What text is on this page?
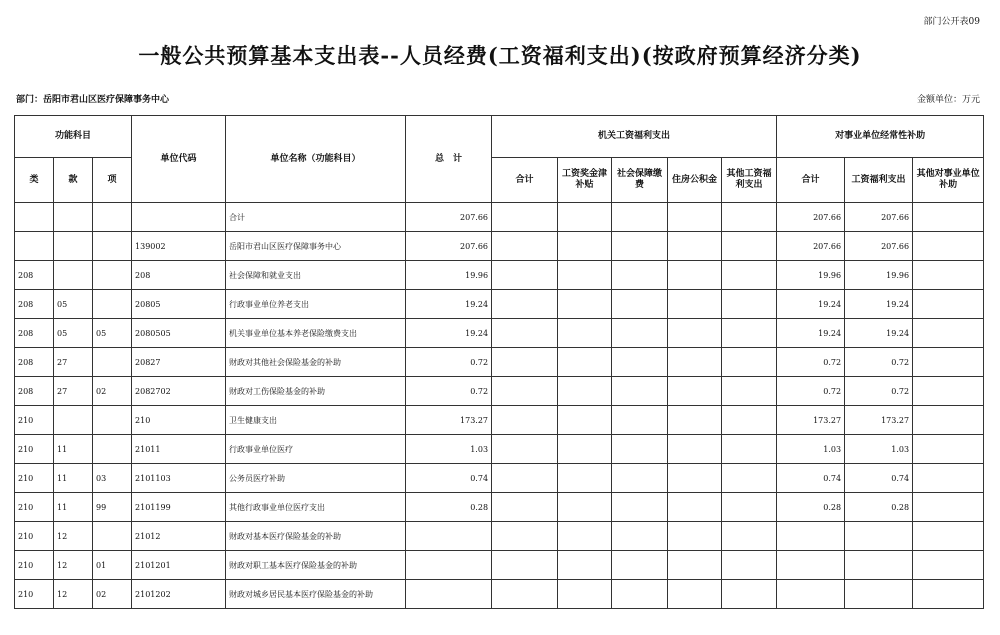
部门公开表09
一般公共预算基本支出表--人员经费(工资福利支出)(按政府预算经济分类)
部门：岳阳市君山区医疗保障事务中心	金额单位：万元
功能科目			单位代码	单位名称（功能科目）	总　计	机关工资福利支出					对事业单位经常性补助		
类	款	项				合计	工资奖金津补贴	社会保障缴费	住房公积金	其他工资福利支出	合计	工资福利支出	其他对事业单位补助
				合计	207.66						207.66	207.66	
			139002	岳阳市君山区医疗保障事务中心	207.66						207.66	207.66	
208			208	社会保障和就业支出	19.96						19.96	19.96	
208	05		20805	行政事业单位养老支出	19.24						19.24	19.24	
208	05	05	2080505	机关事业单位基本养老保险缴费支出	19.24						19.24	19.24	
208	27		20827	财政对其他社会保险基金的补助	0.72						0.72	0.72	
208	27	02	2082702	财政对工伤保险基金的补助	0.72						0.72	0.72	
210			210	卫生健康支出	173.27						173.27	173.27	
210	11		21011	行政事业单位医疗	1.03						1.03	1.03	
210	11	03	2101103	公务员医疗补助	0.74						0.74	0.74	
210	11	99	2101199	其他行政事业单位医疗支出	0.28						0.28	0.28	
210	12		21012	财政对基本医疗保险基金的补助									
210	12	01	2101201	财政对职工基本医疗保险基金的补助									
210	12	02	2101202	财政对城乡居民基本医疗保险基金的补助									
